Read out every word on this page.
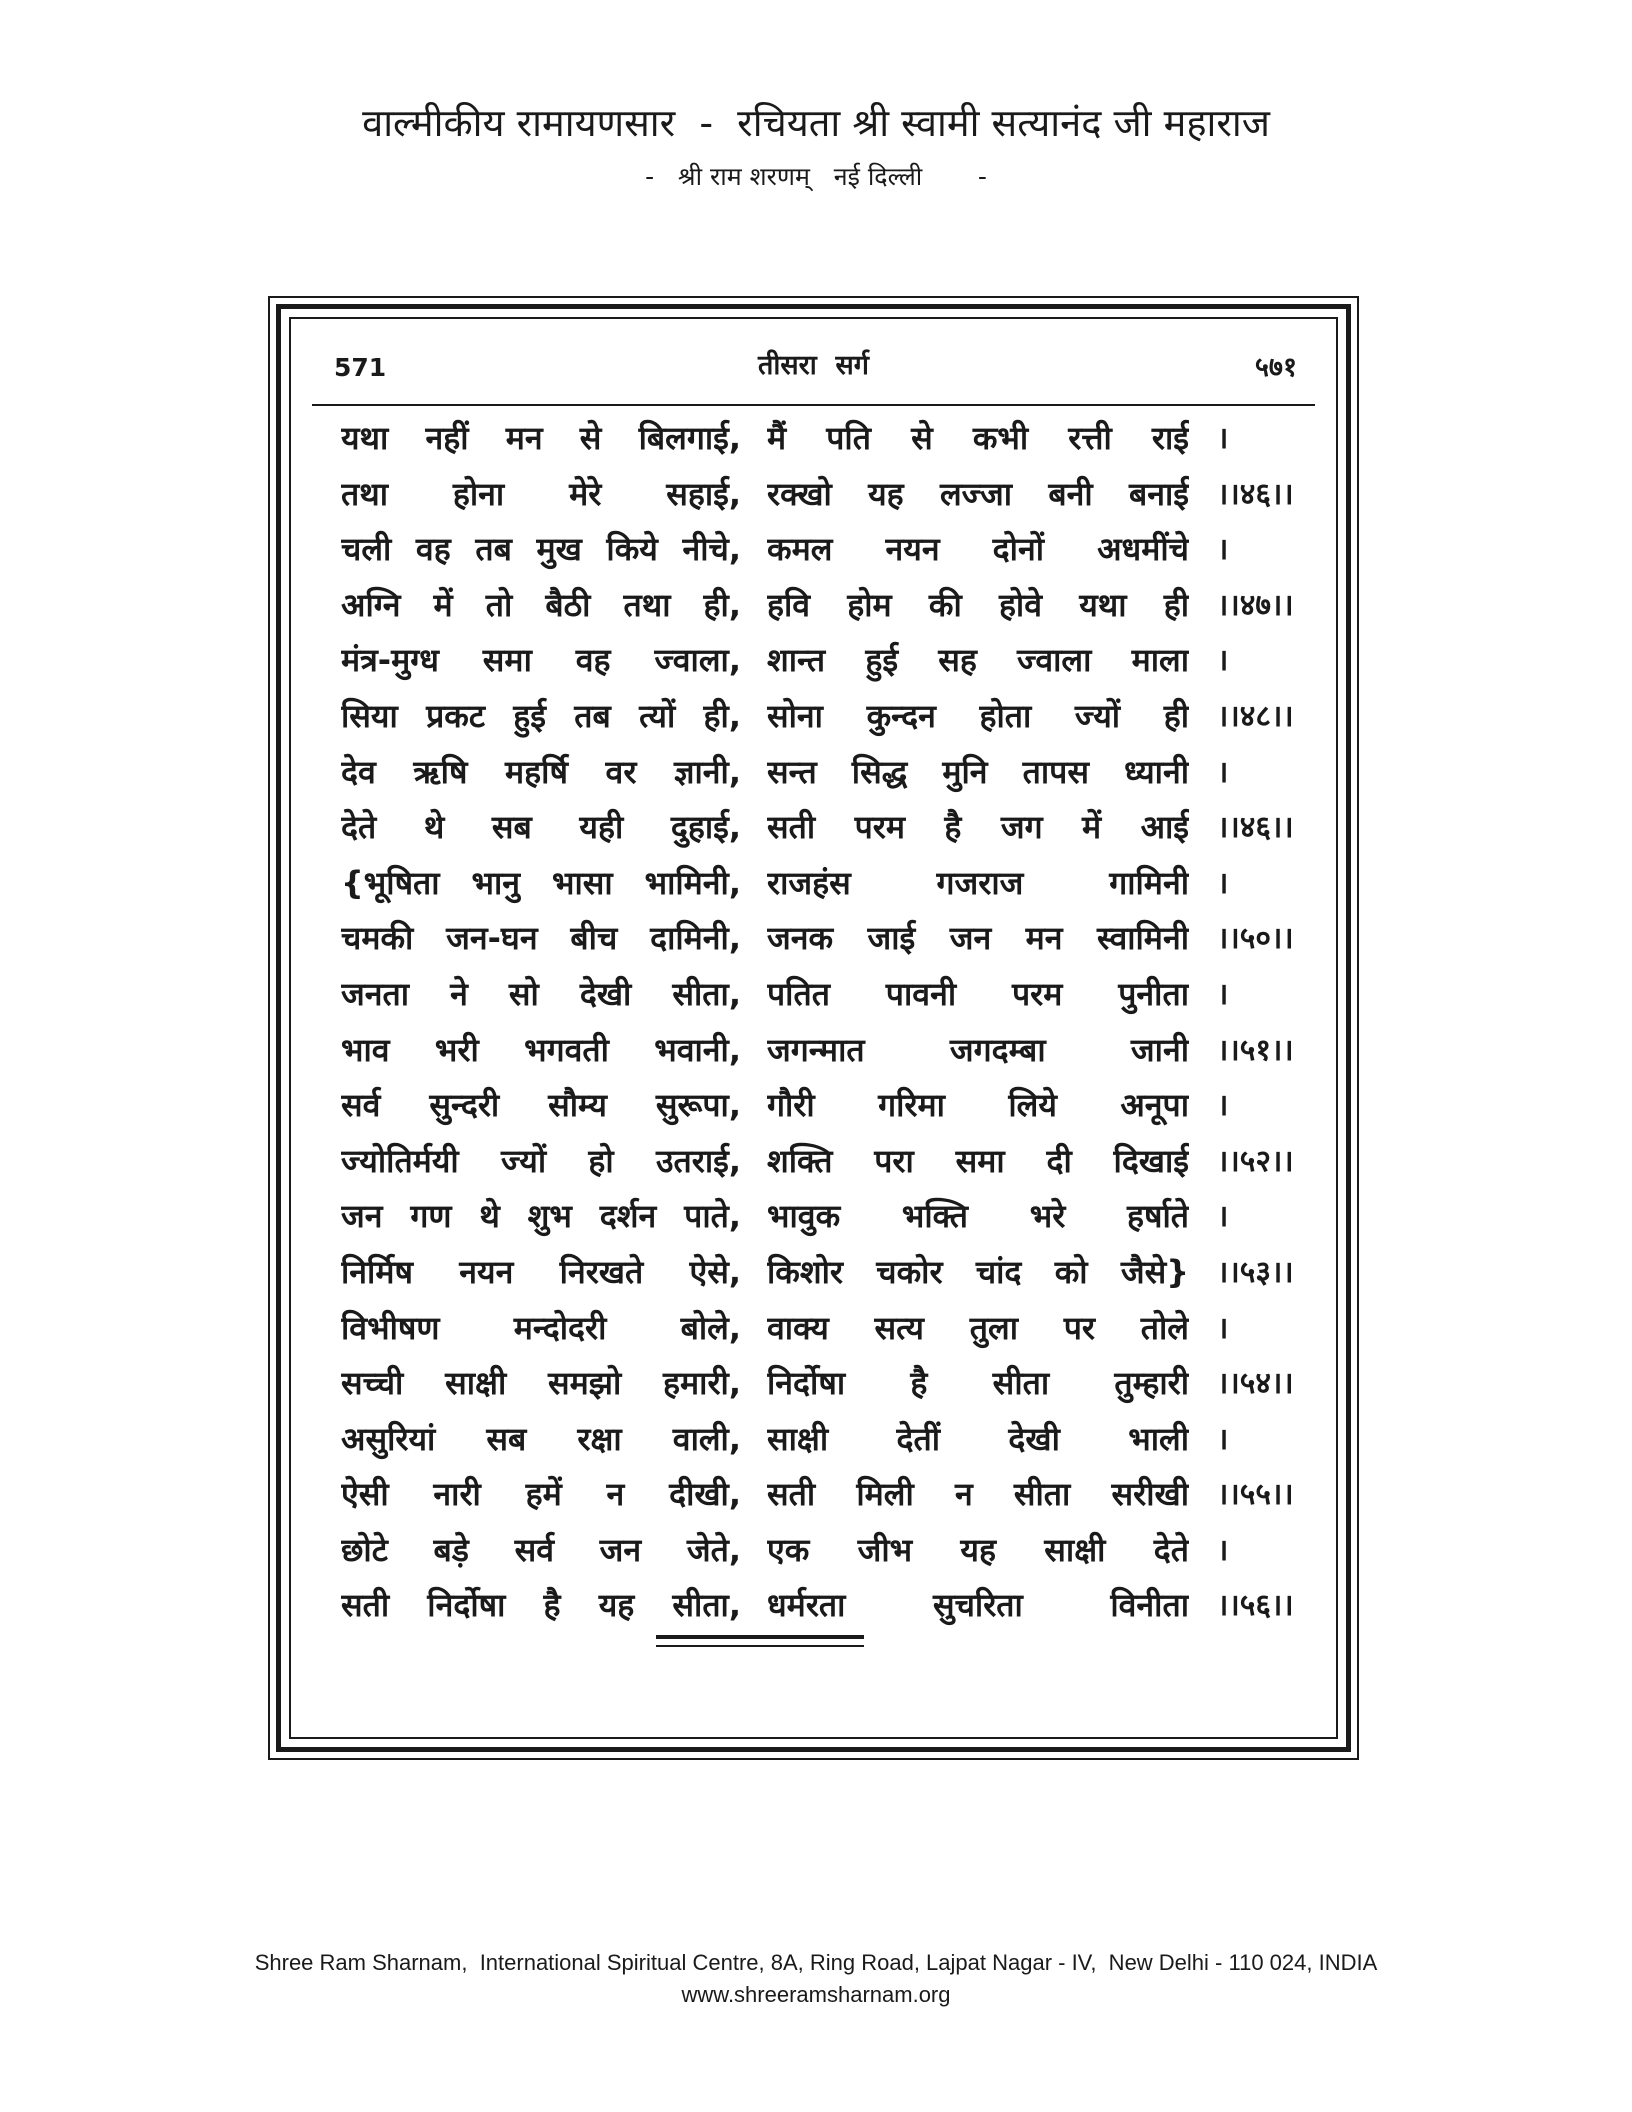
वाल्मीकीय रामायणसार  -  रचियता श्री स्वामी सत्यानंद जी महाराज
-   श्री राम शरणम्   नई दिल्ली       -
571	तीसरा  सर्ग	५७१
यथा नहीं मन से बिलगाई, मैं पति से कभी रत्ती राई ।
तथा होना मेरे सहाई, रक्खो यह लज्जा बनी बनाई ।।४६।।
चली वह तब मुख किये नीचे, कमल नयन दोनों अधमींचे ।
अग्नि में तो बैठी तथा ही, हवि होम की होवे यथा ही ।।४७।।
मंत्र-मुग्ध समा वह ज्वाला, शान्त हुई सह ज्वाला माला ।
सिया प्रकट हुई तब त्यों ही, सोना कुन्दन होता ज्यों ही ।।४८।।
देव ऋषि महर्षि वर ज्ञानी, सन्त सिद्ध मुनि तापस ध्यानी ।
देते थे सब यही दुहाई, सती परम है जग में आई ।।४६।।
{भूषिता भानु भासा भामिनी, राजहंस गजराज गामिनी ।
चमकी जन-घन बीच दामिनी, जनक जाई जन मन स्वामिनी ।।५०।।
जनता ने सो देखी सीता, पतित पावनी परम पुनीता ।
भाव भरी भगवती भवानी, जगन्मात जगदम्बा जानी ।।५१।।
सर्व सुन्दरी सौम्य सुरूपा, गौरी गरिमा लिये अनूपा ।
ज्योतिर्मयी ज्यों हो उतराई, शक्ति परा समा दी दिखाई ।।५२।।
जन गण थे शुभ दर्शन पाते, भावुक भक्ति भरे हर्षाते ।
निर्मिष नयन निरखते ऐसे, किशोर चकोर चांद को जैसे} ।।५३।।
विभीषण मन्दोदरी बोले, वाक्य सत्य तुला पर तोले ।
सच्ची साक्षी समझो हमारी, निर्दोषा है सीता तुम्हारी ।।५४।।
असुरियां सब रक्षा वाली, साक्षी देतीं देखी भाली ।
ऐसी नारी हमें न दीखी, सती मिली न सीता सरीखी ।।५५।।
छोटे बड़े सर्व जन जेते, एक जीभ यह साक्षी देते ।
सती निर्दोषा है यह सीता, धर्मरता सुचरिता विनीता ।।५६।।
Shree Ram Sharnam,  International Spiritual Centre, 8A, Ring Road, Lajpat Nagar - IV,  New Delhi - 110 024, INDIA
www.shreeramsharnam.org
